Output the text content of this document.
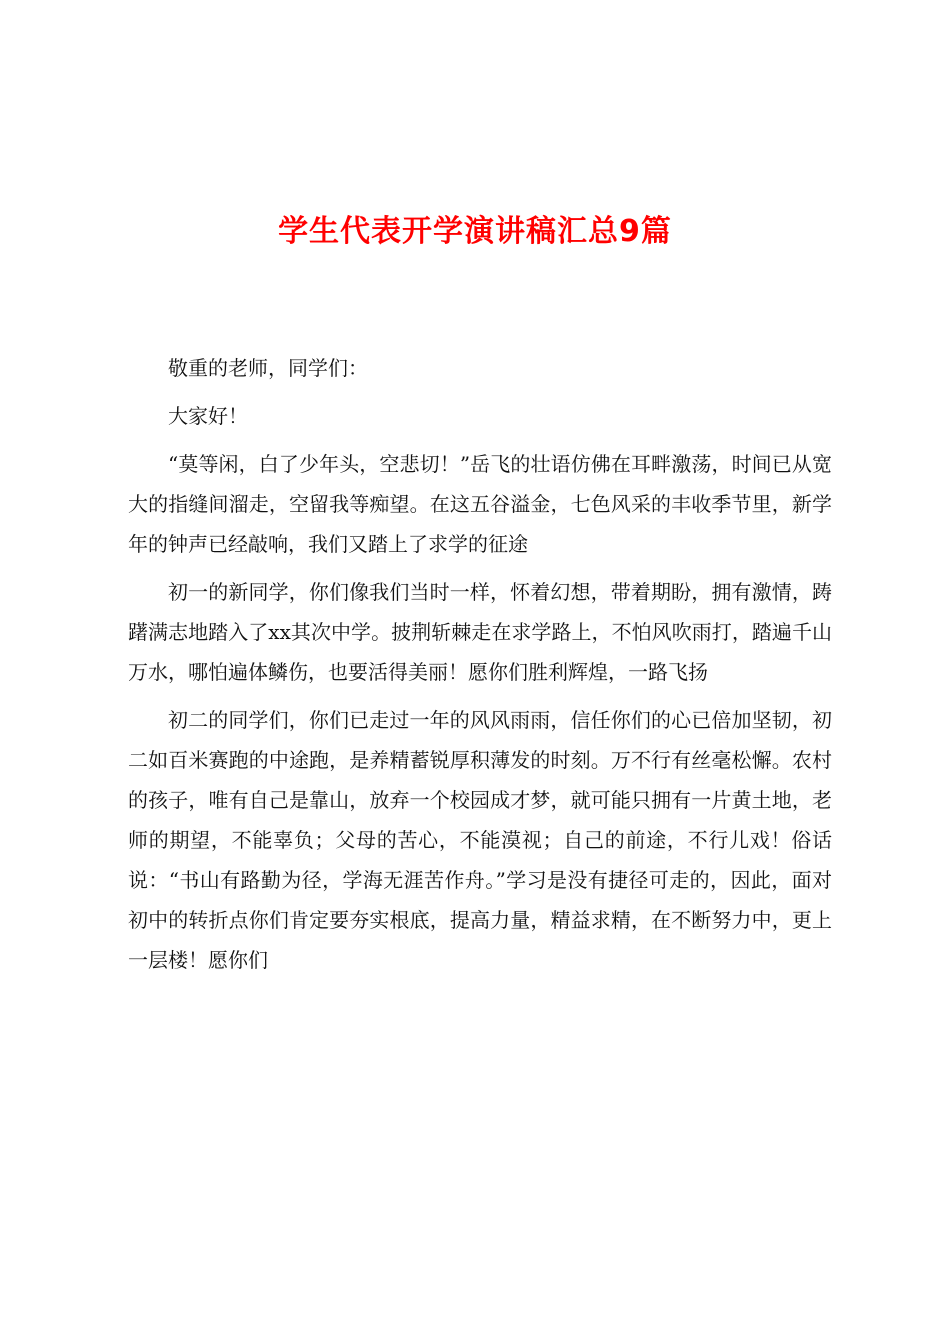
学生代表开学演讲稿汇总9篇

敬重的老师，同学们：

大家好！

“莫等闲，白了少年头，空悲切！”岳飞的壮语仿佛在耳畔激荡，时间已从宽大的指缝间溜走，空留我等痴望。在这五谷溢金，七色风采的丰收季节里，新学年的钟声已经敲响，我们又踏上了求学的征途

初一的新同学，你们像我们当时一样，怀着幻想，带着期盼，拥有激情，踌躇满志地踏入了xx其次中学。披荆斩棘走在求学路上，不怕风吹雨打，踏遍千山万水，哪怕遍体鳞伤，也要活得美丽！愿你们胜利辉煌，一路飞扬

初二的同学们，你们已走过一年的风风雨雨，信任你们的心已倍加坚韧，初二如百米赛跑的中途跑，是养精蓄锐厚积薄发的时刻。万不行有丝毫松懈。农村的孩子，唯有自己是靠山，放弃一个校园成才梦，就可能只拥有一片黄土地，老师的期望，不能辜负；父母的苦心，不能漠视；自己的前途，不行儿戏！俗话说：“书山有路勤为径，学海无涯苦作舟。”学习是没有捷径可走的，因此，面对初中的转折点你们肯定要夯实根底，提高力量，精益求精，在不断努力中，更上一层楼！愿你们
